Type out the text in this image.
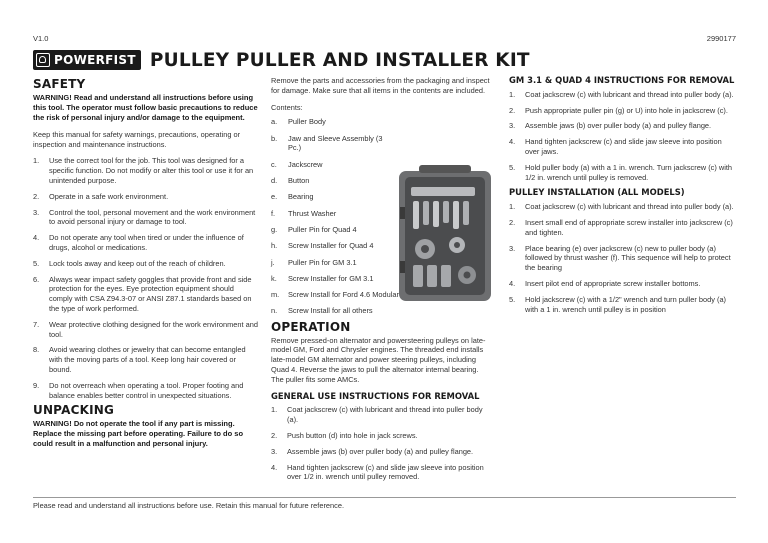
V1.0	2990177
POWERFIST PULLEY PULLER AND INSTALLER KIT
SAFETY
WARNING! Read and understand all instructions before using this tool. The operator must follow basic precautions to reduce the risk of personal injury and/or damage to the equipment.

Keep this manual for safety warnings, precautions, operating or inspection and maintenance instructions.

1.	Use the correct tool for the job. This tool was designed for a specific function. Do not modify or alter this tool or use it for an unintended purpose.
2.	Operate in a safe work environment.
3.	Control the tool, personal movement and the work environment to avoid personal injury or damage to tool.
4.	Do not operate any tool when tired or under the influence of drugs, alcohol or medications.
5.	Lock tools away and keep out of the reach of children.
6.	Always wear impact safety goggles that provide front and side protection for the eyes. Eye protection equipment should comply with CSA Z94.3-07 or ANSI Z87.1 standards based on the type of work performed.
7.	Wear protective clothing designed for the work environment and tool.
8.	Avoid wearing clothes or jewelry that can become entangled with the moving parts of a tool. Keep long hair covered or bound.
9.	Do not overreach when operating a tool. Proper footing and balance enables better control in unexpected situations.
UNPACKING
WARNING! Do not operate the tool if any part is missing. Replace the missing part before operating. Failure to do so could result in a malfunction and personal injury.

Remove the parts and accessories from the packaging and inspect for damage. Make sure that all items in the contents are included.

Contents:

a.	Puller Body
b.	Jaw and Sleeve Assembly (3 Pc.)
c.	Jackscrew
d.	Button
e.	Bearing
f.	Thrust Washer
g.	Puller Pin for Quad 4
h.	Screw Installer for Quad 4
j.	Puller Pin for GM 3.1
k.	Screw Installer for GM 3.1
m.	Screw Install for Ford 4.6 Modular
n.	Screw Install for all others
OPERATION

Remove pressed-on alternator and powersteering pulleys on late-model GM, Ford and Chrysler engines. The threaded end installs late-model GM alternator and power steering pulleys, including Quad 4. Reverse the jaws to pull the alternator internal bearing. The puller fits some AMCs.

GENERAL USE INSTRUCTIONS FOR REMOVAL
1.	Coat jackscrew (c) with lubricant and thread into puller body (a).
2.	Push button (d) into hole in jack screws.
3.	Assemble jaws (b) over puller body (a) and pulley flange.
4.	Hand tighten jackscrew (c) and slide jaw sleeve into position over 1/2 in. wrench until pulley removed.
GM 3.1 & QUAD 4 INSTRUCTIONS FOR REMOVAL
1.	Coat jackscrew (c) with lubricant and thread into puller body (a).
2.	Push appropriate puller pin (g) or U) into hole in jackscrew (c).
3.	Assemble jaws (b) over puller body (a) and pulley flange.
4.	Hand tighten jackscrew (c) and slide jaw sleeve into position over jaws.
5.	Hold puller body (a) with a 1 in. wrench. Turn jackscrew (c) with 1/2 in. wrench until pulley is removed.
PULLEY INSTALLATION (ALL MODELS)
1.	Coat jackscrew (c) with lubricant and thread into puller body (a).
2.	Insert small end of appropriate screw installer into jackscrew (c) and tighten.
3.	Place bearing (e) over jackscrew (c) new to puller body (a) followed by thrust washer (f). This sequence will help to protect the bearing
4.	Insert pilot end of appropriate screw installer bottoms.
5.	Hold jackscrew (c) with a 1/2" wrench and turn puller body (a) with a 1 in. wrench until pulley is in position
Please read and understand all instructions before use. Retain this manual for future reference.
